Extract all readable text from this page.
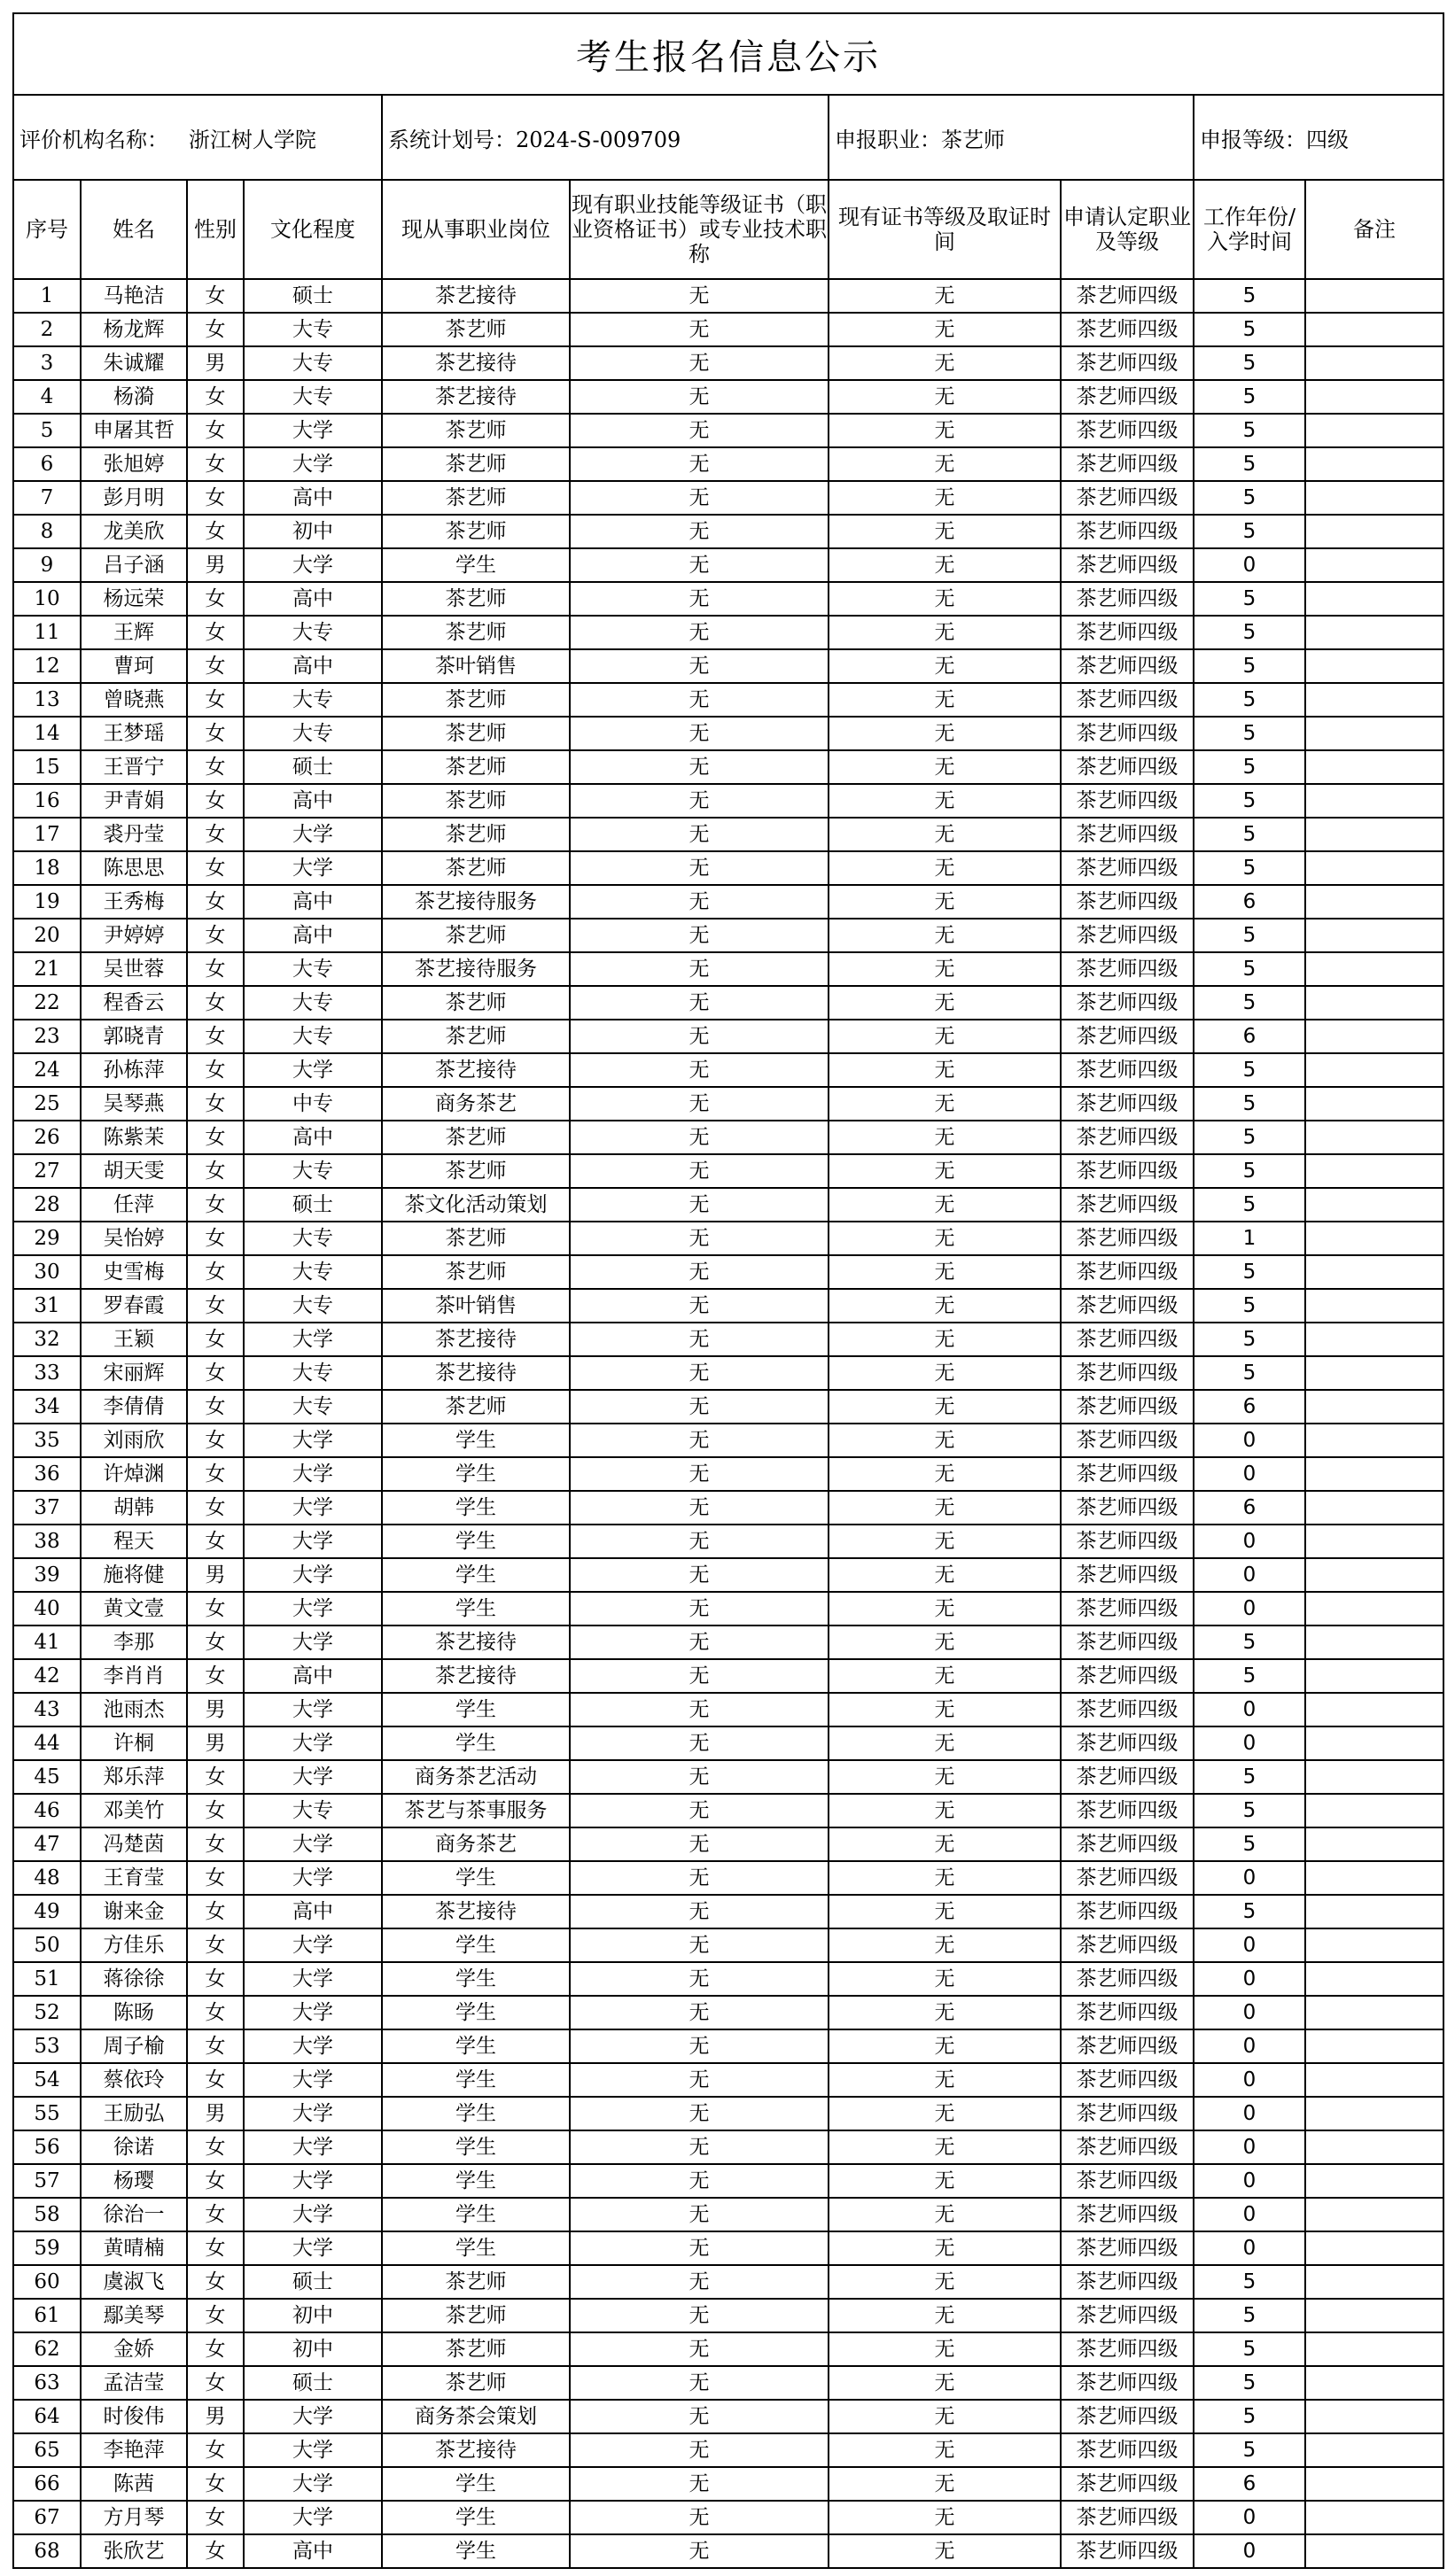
考生报名信息公示									
评价机构名称： 浙江树人学院				系统计划号：2024-S-009709		申报职业：茶艺师		申报等级：四级	
序号	姓名	性别	文化程度	现从事职业岗位	现有职业技能等级证书（职业资格证书）或专业技术职称	现有证书等级及取证时间	申请认定职业及等级	工作年份/入学时间	备注
1	马艳洁	女	硕士	茶艺接待	无	无	茶艺师四级	5	
2	杨龙辉	女	大专	茶艺师	无	无	茶艺师四级	5	
3	朱诚耀	男	大专	茶艺接待	无	无	茶艺师四级	5	
4	杨漪	女	大专	茶艺接待	无	无	茶艺师四级	5	
5	申屠其哲	女	大学	茶艺师	无	无	茶艺师四级	5	
6	张旭婷	女	大学	茶艺师	无	无	茶艺师四级	5	
7	彭月明	女	高中	茶艺师	无	无	茶艺师四级	5	
8	龙美欣	女	初中	茶艺师	无	无	茶艺师四级	5	
9	吕子涵	男	大学	学生	无	无	茶艺师四级	0	
10	杨远荣	女	高中	茶艺师	无	无	茶艺师四级	5	
11	王辉	女	大专	茶艺师	无	无	茶艺师四级	5	
12	曹珂	女	高中	茶叶销售	无	无	茶艺师四级	5	
13	曾晓燕	女	大专	茶艺师	无	无	茶艺师四级	5	
14	王梦瑶	女	大专	茶艺师	无	无	茶艺师四级	5	
15	王晋宁	女	硕士	茶艺师	无	无	茶艺师四级	5	
16	尹青娟	女	高中	茶艺师	无	无	茶艺师四级	5	
17	裘丹莹	女	大学	茶艺师	无	无	茶艺师四级	5	
18	陈思思	女	大学	茶艺师	无	无	茶艺师四级	5	
19	王秀梅	女	高中	茶艺接待服务	无	无	茶艺师四级	6	
20	尹婷婷	女	高中	茶艺师	无	无	茶艺师四级	5	
21	吴世蓉	女	大专	茶艺接待服务	无	无	茶艺师四级	5	
22	程香云	女	大专	茶艺师	无	无	茶艺师四级	5	
23	郭晓青	女	大专	茶艺师	无	无	茶艺师四级	6	
24	孙栋萍	女	大学	茶艺接待	无	无	茶艺师四级	5	
25	吴琴燕	女	中专	商务茶艺	无	无	茶艺师四级	5	
26	陈紫茉	女	高中	茶艺师	无	无	茶艺师四级	5	
27	胡天雯	女	大专	茶艺师	无	无	茶艺师四级	5	
28	任萍	女	硕士	茶文化活动策划	无	无	茶艺师四级	5	
29	吴怡婷	女	大专	茶艺师	无	无	茶艺师四级	1	
30	史雪梅	女	大专	茶艺师	无	无	茶艺师四级	5	
31	罗春霞	女	大专	茶叶销售	无	无	茶艺师四级	5	
32	王颖	女	大学	茶艺接待	无	无	茶艺师四级	5	
33	宋丽辉	女	大专	茶艺接待	无	无	茶艺师四级	5	
34	李倩倩	女	大专	茶艺师	无	无	茶艺师四级	6	
35	刘雨欣	女	大学	学生	无	无	茶艺师四级	0	
36	许焯渊	女	大学	学生	无	无	茶艺师四级	0	
37	胡韩	女	大学	学生	无	无	茶艺师四级	6	
38	程天	女	大学	学生	无	无	茶艺师四级	0	
39	施将健	男	大学	学生	无	无	茶艺师四级	0	
40	黄文壹	女	大学	学生	无	无	茶艺师四级	0	
41	李那	女	大学	茶艺接待	无	无	茶艺师四级	5	
42	李肖肖	女	高中	茶艺接待	无	无	茶艺师四级	5	
43	池雨杰	男	大学	学生	无	无	茶艺师四级	0	
44	许桐	男	大学	学生	无	无	茶艺师四级	0	
45	郑乐萍	女	大学	商务茶艺活动	无	无	茶艺师四级	5	
46	邓美竹	女	大专	茶艺与茶事服务	无	无	茶艺师四级	5	
47	冯楚茵	女	大学	商务茶艺	无	无	茶艺师四级	5	
48	王育莹	女	大学	学生	无	无	茶艺师四级	0	
49	谢来金	女	高中	茶艺接待	无	无	茶艺师四级	5	
50	方佳乐	女	大学	学生	无	无	茶艺师四级	0	
51	蒋徐徐	女	大学	学生	无	无	茶艺师四级	0	
52	陈旸	女	大学	学生	无	无	茶艺师四级	0	
53	周子榆	女	大学	学生	无	无	茶艺师四级	0	
54	蔡依玲	女	大学	学生	无	无	茶艺师四级	0	
55	王励弘	男	大学	学生	无	无	茶艺师四级	0	
56	徐诺	女	大学	学生	无	无	茶艺师四级	0	
57	杨璎	女	大学	学生	无	无	茶艺师四级	0	
58	徐治一	女	大学	学生	无	无	茶艺师四级	0	
59	黄晴楠	女	大学	学生	无	无	茶艺师四级	0	
60	虞淑飞	女	硕士	茶艺师	无	无	茶艺师四级	5	
61	鄢美琴	女	初中	茶艺师	无	无	茶艺师四级	5	
62	金娇	女	初中	茶艺师	无	无	茶艺师四级	5	
63	孟洁莹	女	硕士	茶艺师	无	无	茶艺师四级	5	
64	时俊伟	男	大学	商务茶会策划	无	无	茶艺师四级	5	
65	李艳萍	女	大学	茶艺接待	无	无	茶艺师四级	5	
66	陈茜	女	大学	学生	无	无	茶艺师四级	6	
67	方月琴	女	大学	学生	无	无	茶艺师四级	0	
68	张欣艺	女	高中	学生	无	无	茶艺师四级	0	
